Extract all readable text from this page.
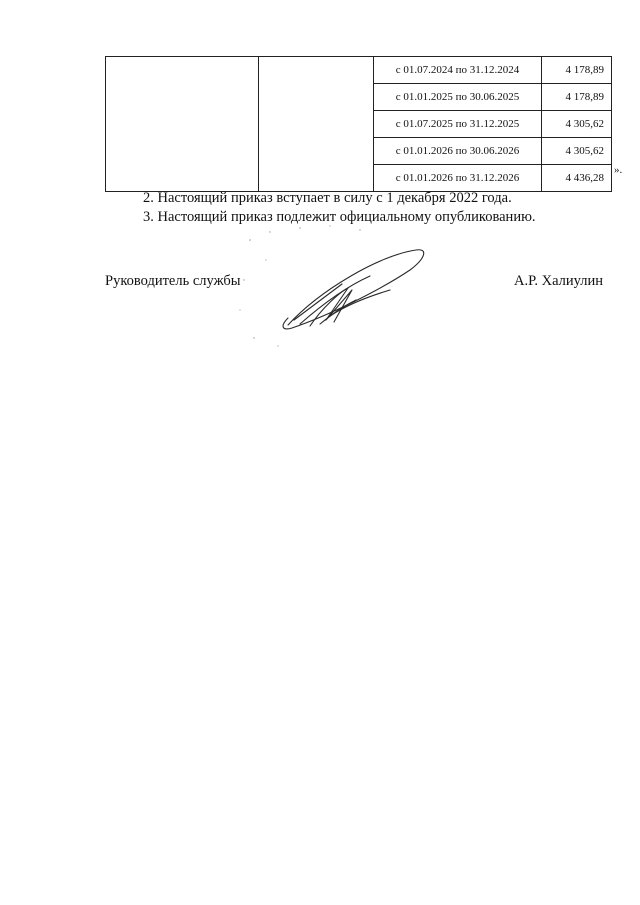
		с 01.07.2024 по 31.12.2024	4 178,89
		с 01.01.2025 по 30.06.2025	4 178,89
		с 01.07.2025 по 31.12.2025	4 305,62
		с 01.01.2026 по 30.06.2026	4 305,62
		с 01.01.2026 по 31.12.2026	4 436,28
».
2. Настоящий приказ вступает в силу с 1 декабря 2022 года.
3. Настоящий приказ подлежит официальному опубликованию.
Руководитель службы	А.Р. Халиулин
